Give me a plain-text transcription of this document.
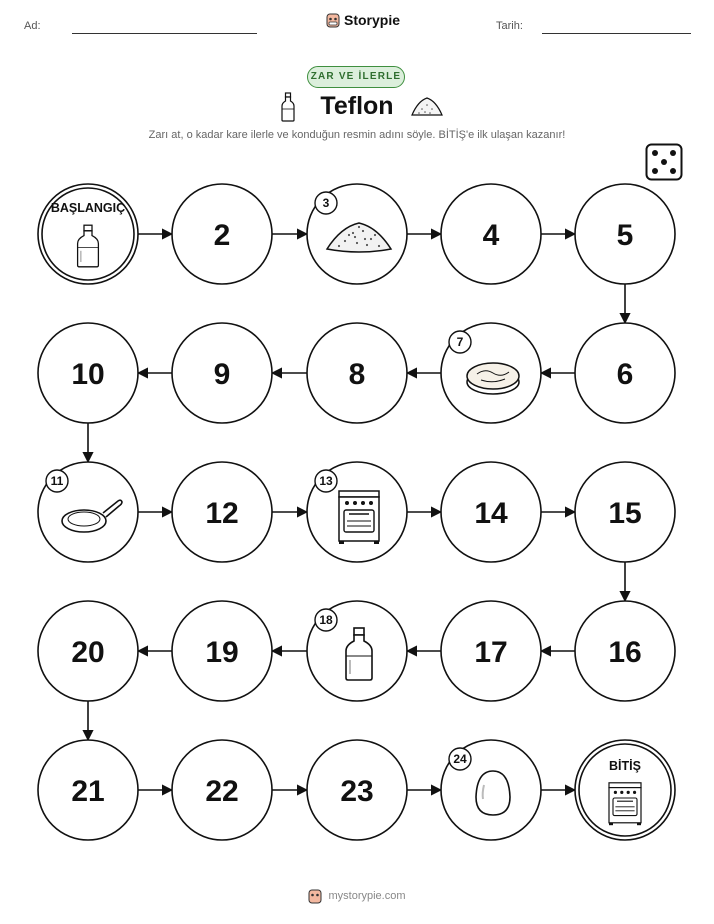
Ad:	Storypie	Tarih:
ZAR VE İLERLE
Teflon
Zarı at, o kadar kare ilerle ve konduğun resmin adını söyle. BİTİŞ'e ilk ulaşan kazanır!
BAŞLANGIÇ
2
3
4	5
6
7
8
9
10
11
12
13
14	15
16
17
18
19
20
21	22	23
24	BİTİŞ
mystorypie.com
